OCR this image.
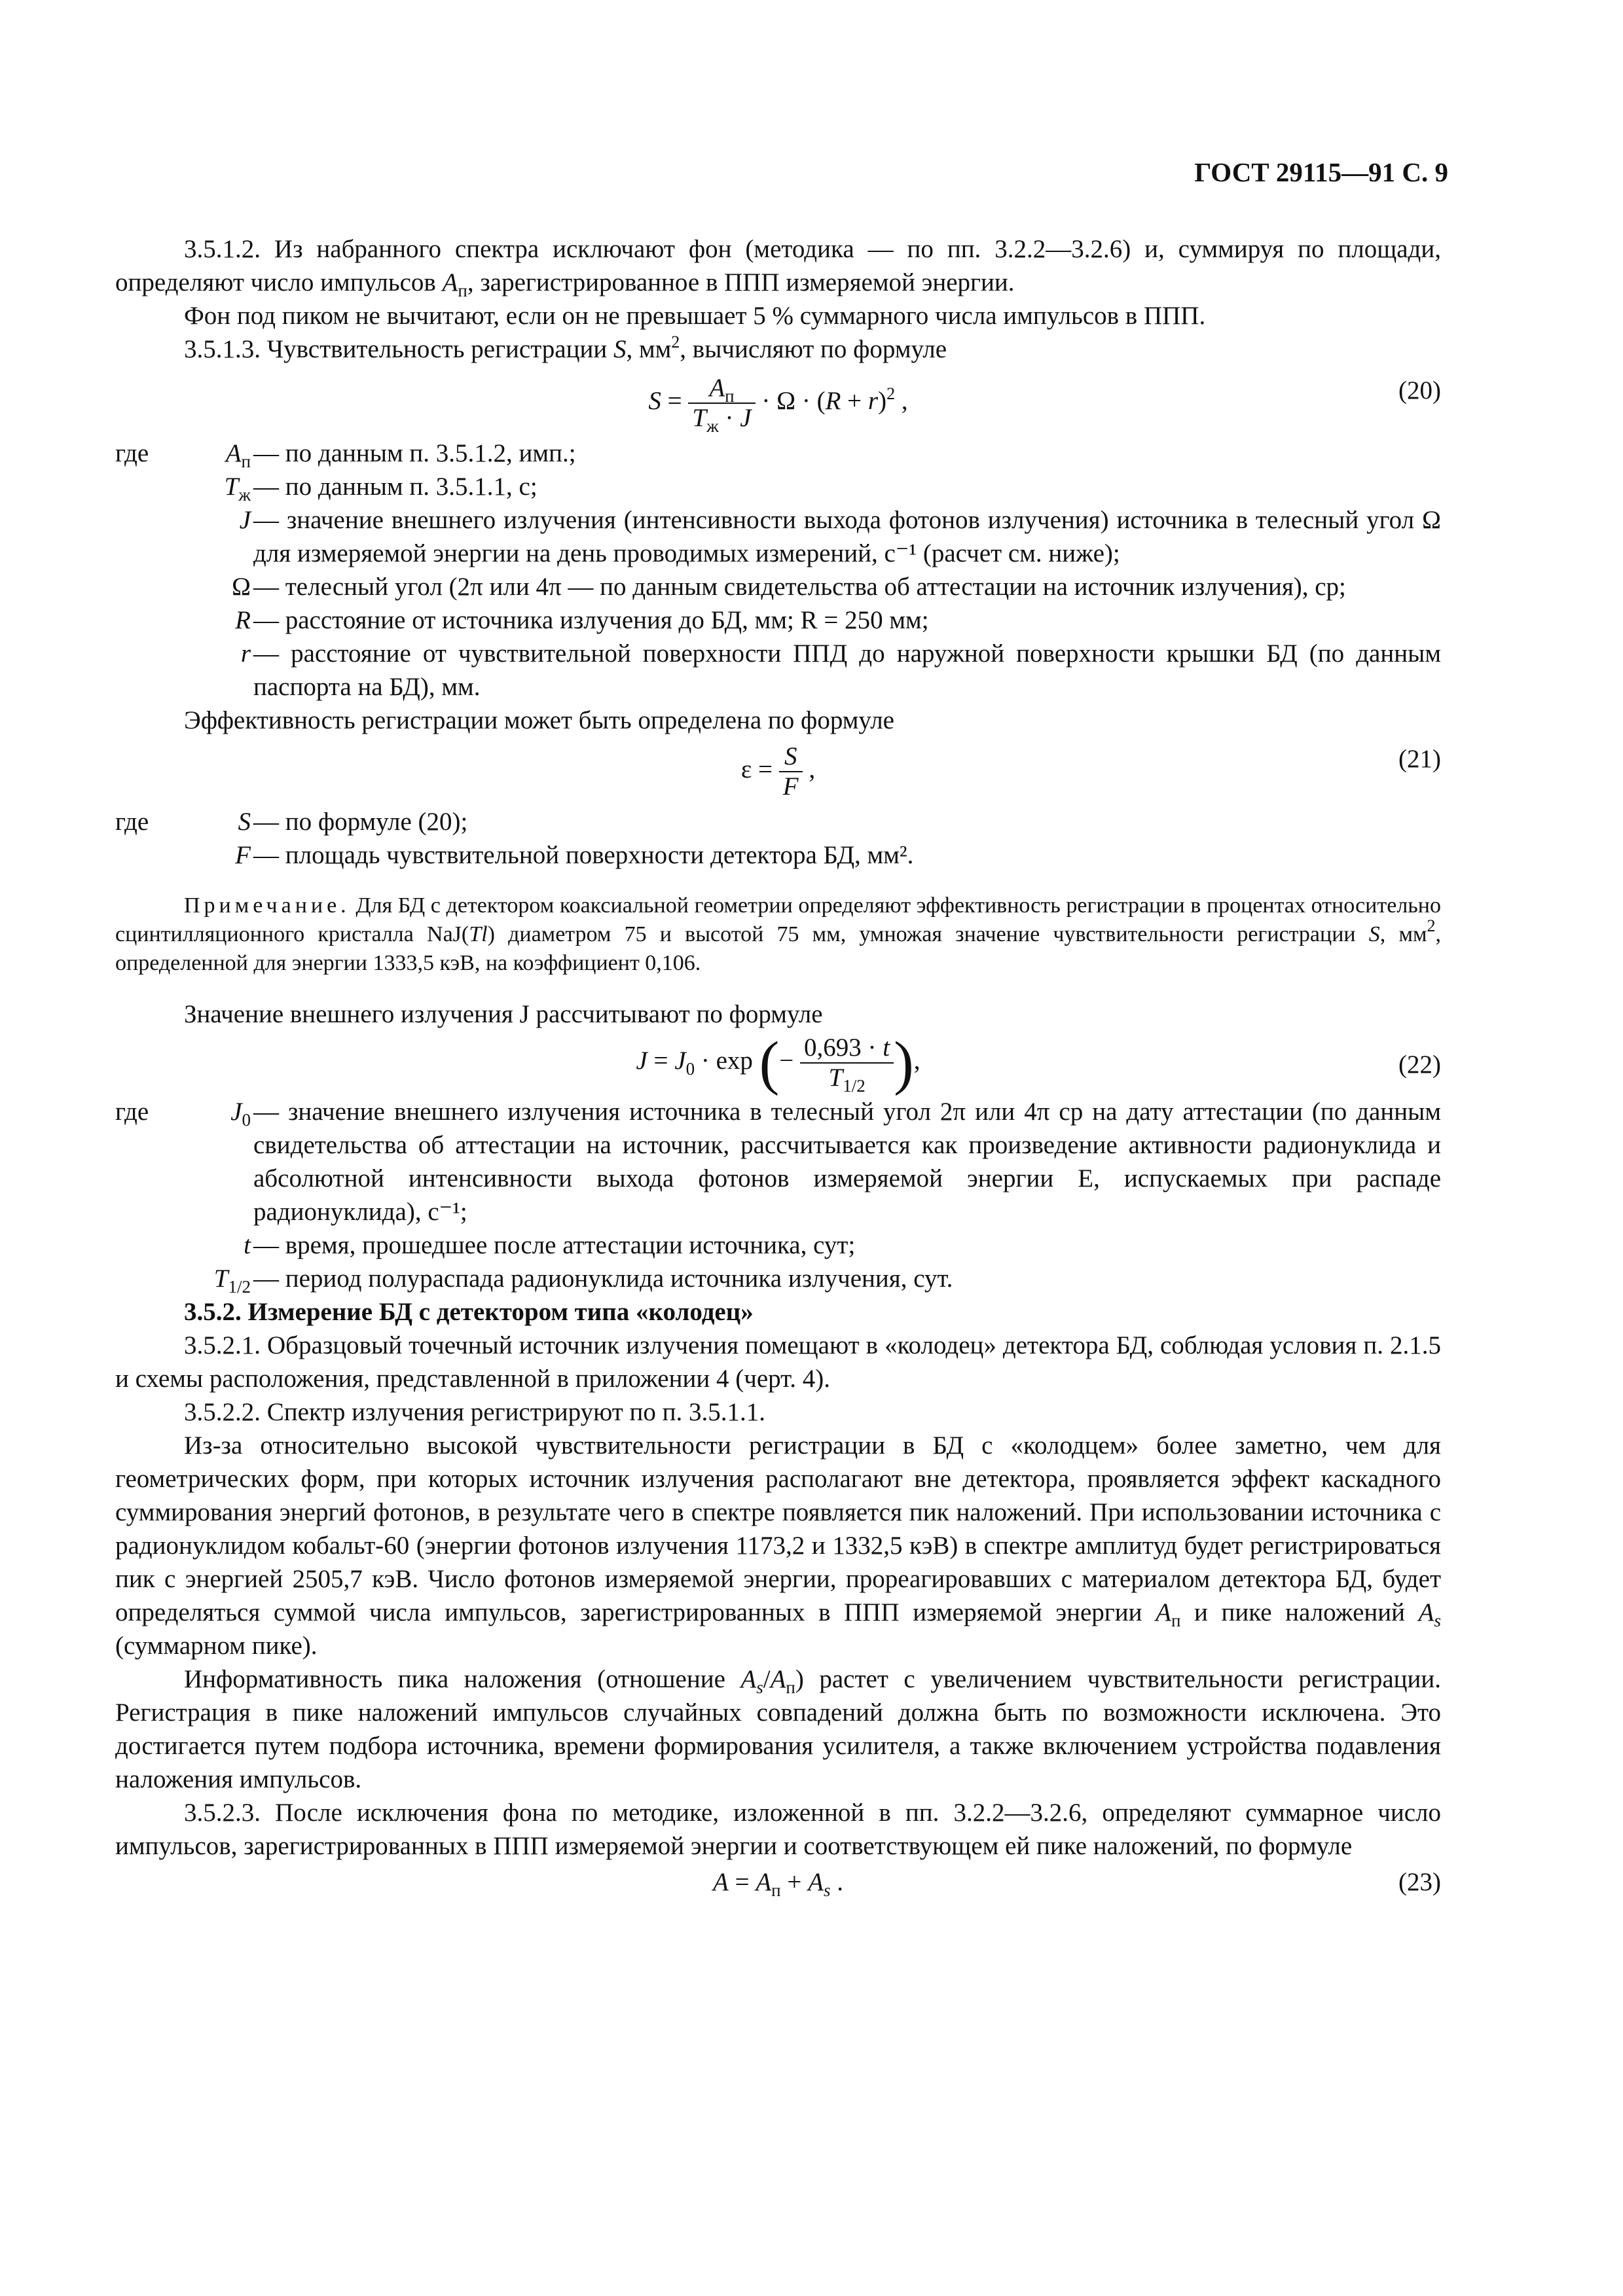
ГОСТ 29115—91 С. 9

3.5.1.2. Из набранного спектра исключают фон (методика — по пп. 3.2.2—3.2.6) и, суммируя по площади, определяют число импульсов $A_п$, зарегистрированное в ППП измеряемой энергии.

Фон под пиком не вычитают, если он не превышает 5 % суммарного числа импульсов в ППП.

3.5.1.3. Чувствительность регистрации S, $мм^2$, вычисляют по формуле

$S = \frac{A_п}{T_ж \cdot J} \cdot \Omega \cdot (R + r)^2$ ,	(20)
где	$A_п$ — по данным п. 3.5.1.2, имп.;
$T_ж$ — по данным п. 3.5.1.1, с;
J — значение внешнего излучения (интенсивности выхода фотонов излучения) источника в телесный угол Ω для измеряемой энергии на день проводимых измерений, с⁻¹ (расчет см. ниже);
Ω — телесный угол (2π или 4π — по данным свидетельства об аттестации на источник излучения), ср;
R — расстояние от источника излучения до БД, мм; R = 250 мм;
r — расстояние от чувствительной поверхности ППД до наружной поверхности крышки БД (по данным паспорта на БД), мм.

Эффективность регистрации может быть определена по формуле

$\varepsilon = \frac{S}{F}$ ,	(21)
где	S — по формуле (20);
F — площадь чувствительной поверхности детектора БД, мм².

Примечание. Для БД с детектором коаксиальной геометрии определяют эффективность регистрации в процентах относительно сцинтилляционного кристалла NaJ(Tl) диаметром 75 и высотой 75 мм, умножая значение чувствительности регистрации S, $мм^2$, определенной для энергии 1333,5 кэВ, на коэффициент 0,106.

Значение внешнего излучения J рассчитывают по формуле

$J = J_0 \cdot \exp$ (− $\frac{0,693 \cdot t}{T_{1/2}}$ ),	(22)
где	$J_0$ — значение внешнего излучения источника в телесный угол 2π или 4π ср на дату аттестации (по данным свидетельства об аттестации на источник, рассчитывается как произведение активности радионуклида и абсолютной интенсивности выхода фотонов измеряемой энергии E, испускаемых при распаде радионуклида), с⁻¹;
t — время, прошедшее после аттестации источника, сут;
$T_{1/2}$ — период полураспада радионуклида источника излучения, сут.

3.5.2. Измерение БД с детектором типа «колодец»

3.5.2.1. Образцовый точечный источник излучения помещают в «колодец» детектора БД, соблюдая условия п. 2.1.5 и схемы расположения, представленной в приложении 4 (черт. 4).

3.5.2.2. Спектр излучения регистрируют по п. 3.5.1.1.

Из-за относительно высокой чувствительности регистрации в БД с «колодцем» более заметно, чем для геометрических форм, при которых источник излучения располагают вне детектора, проявляется эффект каскадного суммирования энергий фотонов, в результате чего в спектре появляется пик наложений. При использовании источника с радионуклидом кобальт-60 (энергии фотонов излучения 1173,2 и 1332,5 кэВ) в спектре амплитуд будет регистрироваться пик с энергией 2505,7 кэВ. Число фотонов измеряемой энергии, прореагировавших с материалом детектора БД, будет определяться суммой числа импульсов, зарегистрированных в ППП измеряемой энергии $A_п$ и пике наложений $A_s$ (суммарном пике).

Информативность пика наложения (отношение $A_s/A_п$) растет с увеличением чувствительности регистрации. Регистрация в пике наложений импульсов случайных совпадений должна быть по возможности исключена. Это достигается путем подбора источника, времени формирования усилителя, а также включением устройства подавления наложения импульсов.

3.5.2.3. После исключения фона по методике, изложенной в пп. 3.2.2—3.2.6, определяют суммарное число импульсов, зарегистрированных в ППП измеряемой энергии и соответствующем ей пике наложений, по формуле

$A = A_п + A_s$ .	(23)
